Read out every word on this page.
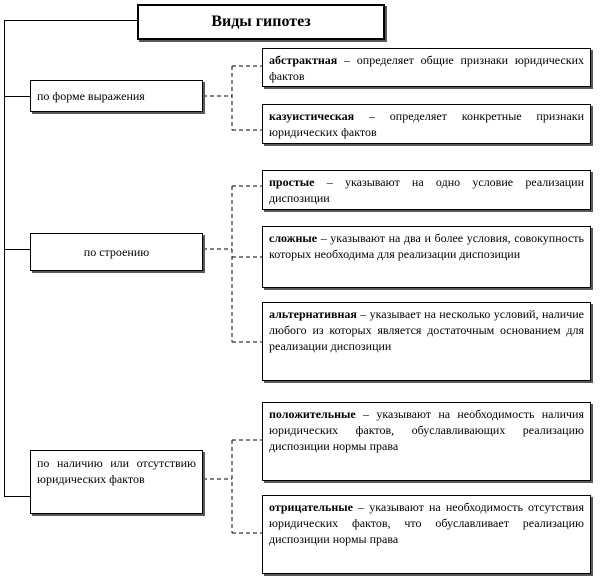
Виды гипотез
по форме выражения
по строению
по наличию или отсутствию юридических фактов
абстрактная – определяет общие признаки юридических фактов
казуистическая – определяет конкретные признаки юридических фактов
простые – указывают на одно условие реализации диспозиции
сложные – указывают на два и более условия, совокупность которых необходима для реализации диспозиции
альтернативная – указывает на несколько условий, наличие любого из которых является достаточным основанием для реализации диспозиции
положительные – указывают на необходимость наличия юридических фактов, обуславливающих реализацию диспозиции нормы права
отрицательные – указывают на необходимость отсутствия юридических фактов, что обуславливает реализацию диспозиции нормы права
